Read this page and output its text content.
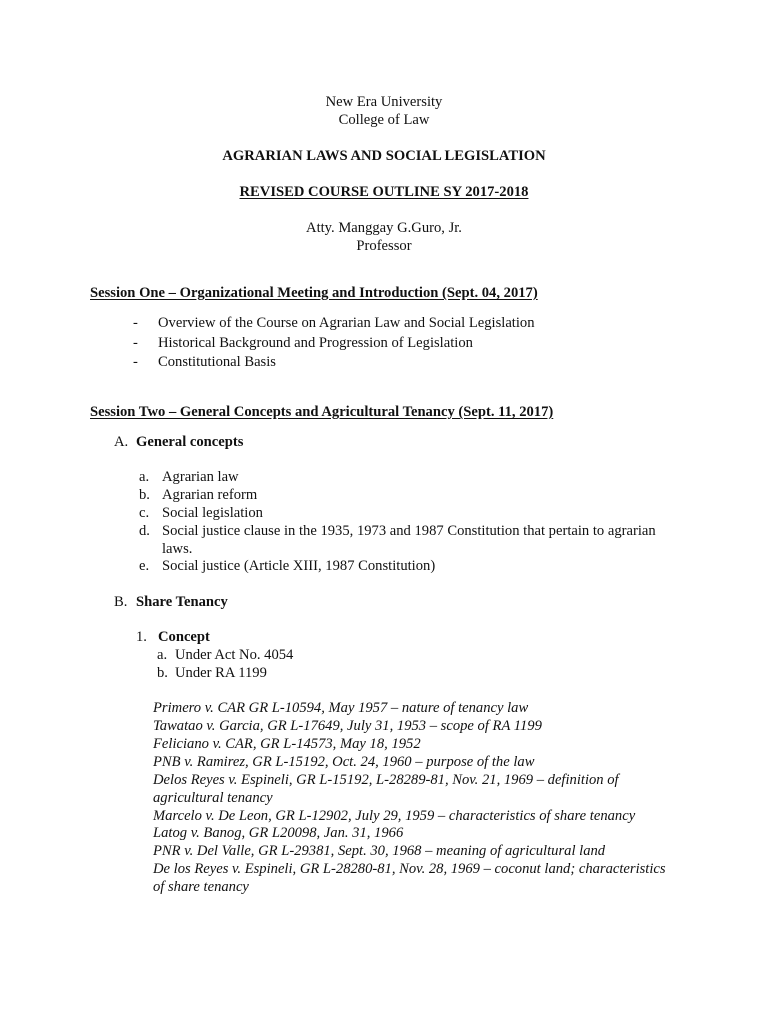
New Era University
College of Law
AGRARIAN LAWS AND SOCIAL LEGISLATION
REVISED COURSE OUTLINE SY 2017-2018
Atty. Manggay G.Guro, Jr.
Professor
Session One – Organizational Meeting and Introduction (Sept. 04, 2017)
- Overview of the Course on Agrarian Law and Social Legislation
- Historical Background and Progression of Legislation
- Constitutional Basis
Session Two – General Concepts and Agricultural Tenancy (Sept. 11, 2017)
A. General concepts
a. Agrarian law
b. Agrarian reform
c. Social legislation
d. Social justice clause in the 1935, 1973 and 1987 Constitution that pertain to agrarian
laws.
e. Social justice (Article XIII, 1987 Constitution)
B. Share Tenancy
1. Concept
a. Under Act No. 4054
b. Under RA 1199
Primero v. CAR GR L-10594, May 1957 – nature of tenancy law
Tawatao v. Garcia, GR L-17649, July 31, 1953 – scope of RA 1199
Feliciano v. CAR, GR L-14573, May 18, 1952
PNB v. Ramirez, GR L-15192, Oct. 24, 1960 – purpose of the law
Delos Reyes v. Espineli, GR L-15192, L-28289-81, Nov. 21, 1969 – definition of
agricultural tenancy
Marcelo v. De Leon, GR L-12902, July 29, 1959 – characteristics of share tenancy
Latog v. Banog, GR L20098, Jan. 31, 1966
PNR v. Del Valle, GR L-29381, Sept. 30, 1968 – meaning of agricultural land
De los Reyes v. Espineli, GR L-28280-81, Nov. 28, 1969 – coconut land; characteristics
of share tenancy
